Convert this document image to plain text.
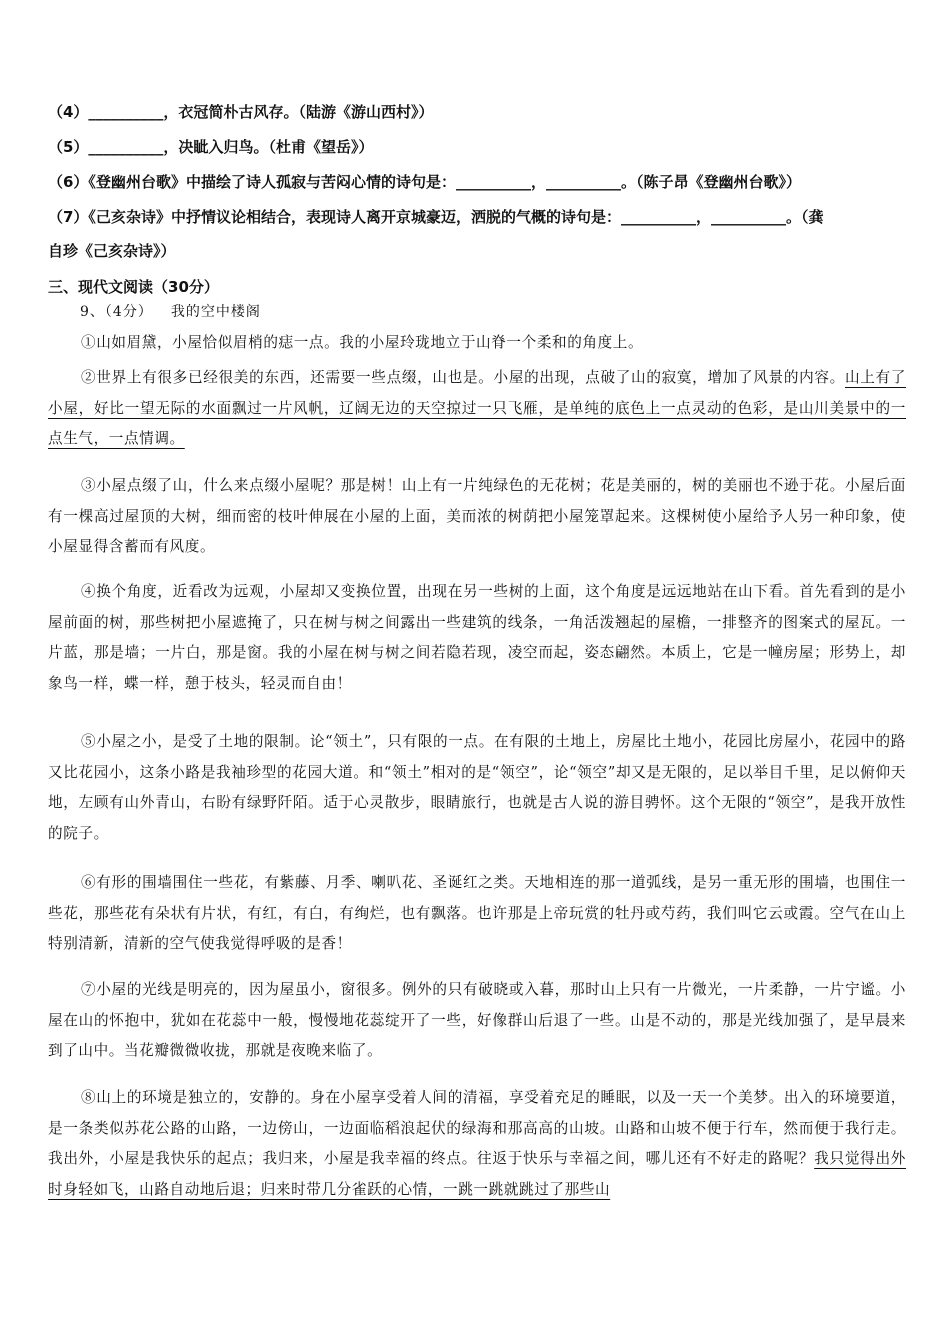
（4）__________，衣冠简朴古风存。（陆游《游山西村》）
（5）__________，决眦入归鸟。（杜甫《望岳》）
（6）《登幽州台歌》中描绘了诗人孤寂与苦闷心情的诗句是：__________，__________。（陈子昂《登幽州台歌》）
（7）《己亥杂诗》中抒情议论相结合，表现诗人离开京城豪迈，洒脱的气概的诗句是：__________，__________。（龚
自珍《己亥杂诗》）
三、现代文阅读（30分）
9、（4分） 我的空中楼阁

①山如眉黛，小屋恰似眉梢的痣一点。我的小屋玲珑地立于山脊一个柔和的角度上。

②世界上有很多已经很美的东西，还需要一些点缀，山也是。小屋的出现，点破了山的寂寞，增加了风景的内容。山上有了小屋，好比一望无际的水面飘过一片风帆，辽阔无边的天空掠过一只飞雁，是单纯的底色上一点灵动的色彩，是山川美景中的一点生气，一点情调。

③小屋点缀了山，什么来点缀小屋呢？那是树！山上有一片纯绿色的无花树；花是美丽的，树的美丽也不逊于花。小屋后面有一棵高过屋顶的大树，细而密的枝叶伸展在小屋的上面，美而浓的树荫把小屋笼罩起来。这棵树使小屋给予人另一种印象，使小屋显得含蓄而有风度。

④换个角度，近看改为远观，小屋却又变换位置，出现在另一些树的上面，这个角度是远远地站在山下看。首先看到的是小屋前面的树，那些树把小屋遮掩了，只在树与树之间露出一些建筑的线条，一角活泼翘起的屋檐，一排整齐的图案式的屋瓦。一片蓝，那是墙；一片白，那是窗。我的小屋在树与树之间若隐若现，凌空而起，姿态翩然。本质上，它是一幢房屋；形势上，却象鸟一样，蝶一样，憩于枝头，轻灵而自由！

⑤小屋之小，是受了土地的限制。论“领土”，只有限的一点。在有限的土地上，房屋比土地小，花园比房屋小，花园中的路又比花园小，这条小路是我袖珍型的花园大道。和“领土”相对的是“领空”，论“领空”却又是无限的，足以举目千里，足以俯仰天地，左顾有山外青山，右盼有绿野阡陌。适于心灵散步，眼睛旅行，也就是古人说的游目骋怀。这个无限的“领空”，是我开放性的院子。

⑥有形的围墙围住一些花，有紫藤、月季、喇叭花、圣诞红之类。天地相连的那一道弧线，是另一重无形的围墙，也围住一些花，那些花有朵状有片状，有红，有白，有绚烂，也有飘落。也许那是上帝玩赏的牡丹或芍药，我们叫它云或霞。空气在山上特别清新，清新的空气使我觉得呼吸的是香！

⑦小屋的光线是明亮的，因为屋虽小，窗很多。例外的只有破晓或入暮，那时山上只有一片微光，一片柔静，一片宁谧。小屋在山的怀抱中，犹如在花蕊中一般，慢慢地花蕊绽开了一些，好像群山后退了一些。山是不动的，那是光线加强了，是早晨来到了山中。当花瓣微微收拢，那就是夜晚来临了。

⑧山上的环境是独立的，安静的。身在小屋享受着人间的清福，享受着充足的睡眠，以及一天一个美梦。出入的环境要道，是一条类似苏花公路的山路，一边傍山，一边面临稻浪起伏的绿海和那高高的山坡。山路和山坡不便于行车，然而便于我行走。我出外，小屋是我快乐的起点；我归来，小屋是我幸福的终点。往返于快乐与幸福之间，哪儿还有不好走的路呢？我只觉得出外时身轻如飞，山路自动地后退；归来时带几分雀跃的心情，一跳一跳就跳过了那些山
